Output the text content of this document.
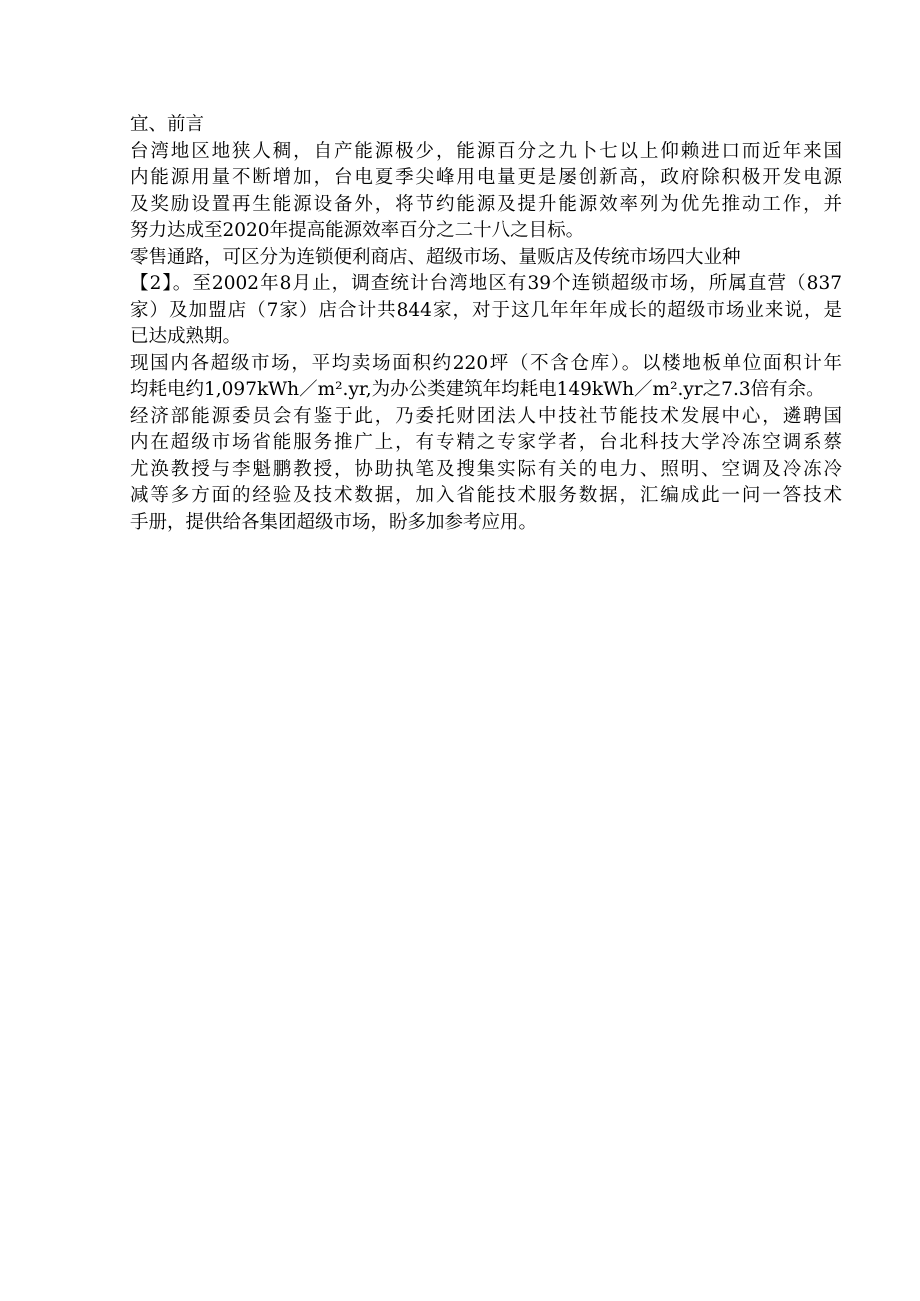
宜、前言
台湾地区地狭人稠，自产能源极少，能源百分之九卜七以上仰赖进口而近年来国
内能源用量不断增加，台电夏季尖峰用电量更是屡创新高，政府除积极开发电源
及奖励设置再生能源设备外，将节约能源及提升能源效率列为优先推动工作，并
努力达成至2020年提高能源效率百分之二十八之目标。
零售通路，可区分为连锁便利商店、超级市场、量贩店及传统市场四大业种
【2】。至2002年8月止，调查统计台湾地区有39个连锁超级市场，所属直营（837
家）及加盟店（7家）店合计共844家，对于这几年年年成长的超级市场业来说，是
已达成熟期。
现国内各超级市场，平均卖场面积约220坪（不含仓库）。以楼地板单位面积计年
均耗电约1,097kWh／m².yr,为办公类建筑年均耗电149kWh／m².yr之7.3倍有余。
经济部能源委员会有鉴于此，乃委托财团法人中技社节能技术发展中心，遴聘国
内在超级市场省能服务推广上，有专精之专家学者，台北科技大学冷冻空调系蔡
尤涣教授与李魁鹏教授，协助执笔及搜集实际有关的电力、照明、空调及冷冻冷
减等多方面的经验及技术数据，加入省能技术服务数据，汇编成此一问一答技术
手册，提供给各集团超级市场，盼多加参考应用。
